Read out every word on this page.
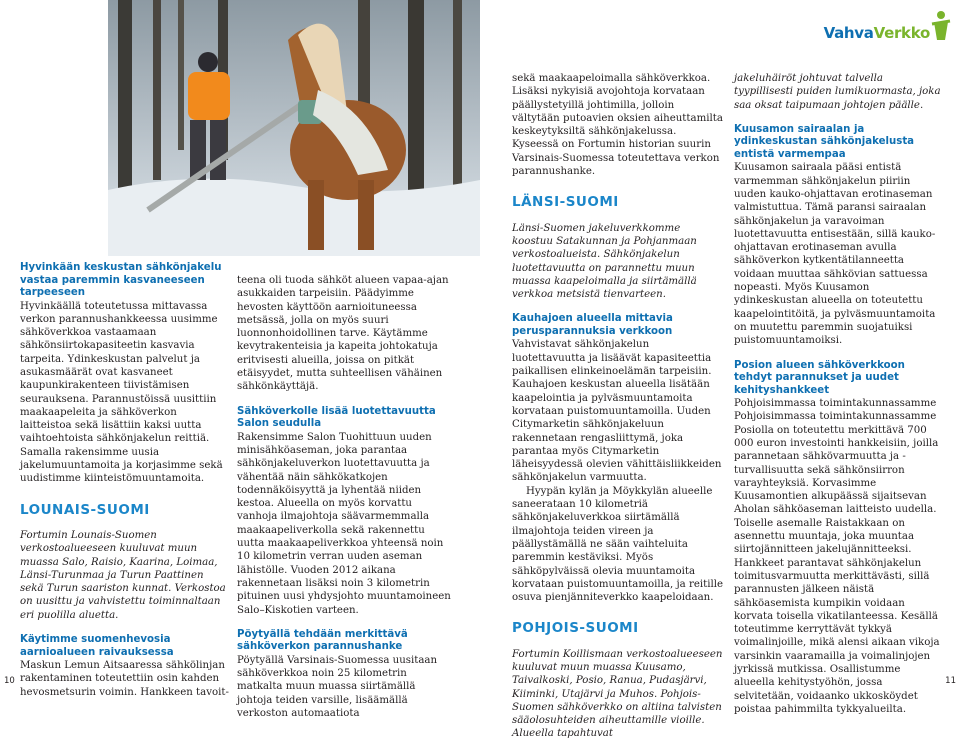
Hyvinkään keskustan sähkönjakelu vastaa paremmin kasvaneeseen tarpeeseen

Hyvinkäällä toteutetussa mittavassa verkon parannushankkeessa uusimme sähköverkkoa vastaamaan sähkönsiirtokapasiteetin kasvavia tarpeita. Ydinkeskustan palvelut ja asukasmäärät ovat kasvaneet kaupunkirakenteen tiivistämisen seurauksena. Parannustöissä uusittiin maakaapeleita ja sähköverkon laitteistoa sekä lisättiin kaksi uutta vaihtoehtoista sähkönjakelun reittiä. Samalla rakensimme uusia jakelumuuntamoita ja korjasimme sekä uudistimme kiinteistömuuntamoita.

LOUNAIS-SUOMI

Fortumin Lounais-Suomen verkostoalueeseen kuuluvat muun muassa Salo, Raisio, Kaarina, Loimaa, Länsi-Turunmaa ja Turun Paattinen sekä Turun saariston kunnat. Verkostoa on uusittu ja vahvistettu toiminnaltaan eri puolilla aluetta.

Käytimme suomenhevosia aarnioalueen raivauksessa

Maskun Lemun Aitsaaressa sähkölinjan rakentaminen toteutettiin osin kahden hevosmetsurin voimin. Hankkeen tavoit-

teena oli tuoda sähköt alueen vapaa-ajan asukkaiden tarpeisiin. Päädyimme hevosten käyttöön aarnioituneessa metsässä, jolla on myös suuri luonnonhoidollinen tarve. Käytämme kevytrakenteisia ja kapeita johtokatuja eritvisesti alueilla, joissa on pitkät etäisyydet, mutta suhteellisen vähäinen sähkönkäyttäjä.

Sähköverkolle lisää luotettavuutta Salon seudulla

Rakensimme Salon Tuohittuun uuden minisähköaseman, joka parantaa sähkönjakeluverkon luotettavuutta ja vähentää näin sähkökatkojen todennäköisyyttä ja lyhentää niiden kestoa. Alueella on myös korvattu vanhoja ilmajohtoja säävarmemmalla maakaapeliverkolla sekä rakennettu uutta maakaapeliverkkoa yhteensä noin 10 kilometrin verran uuden aseman lähistölle. Vuoden 2012 aikana rakennetaan lisäksi noin 3 kilometrin pituinen uusi yhdysjohto muuntamoineen Salo–Kiskotien varteen.

Pöytyällä tehdään merkittävä sähköverkon parannushanke

Pöytyällä Varsinais-Suomessa uusitaan sähköverkkoa noin 25 kilometrin matkalta muun muassa siirtämällä johtoja teiden varsille, lisäämällä verkoston automaatiota

10
VahvaVerkko

sekä maakaapeloimalla sähköverkkoa. Lisäksi nykyisiä avojohtoja korvataan päällystetyillä johtimilla, jolloin vältytään putoavien oksien aiheuttamilta keskeytyksiltä sähkönjakelussa. Kyseessä on Fortumin historian suurin Varsinais-Suomessa toteutettava verkon parannushanke.

LÄNSI-SUOMI

Länsi-Suomen jakeluverkkomme koostuu Satakunnan ja Pohjanmaan verkostoalueista. Sähkönjakelun luotettavuutta on parannettu muun muassa kaapeloimalla ja siirtämällä verkkoa metsistä tienvarteen.

Kauhajoen alueella mittavia perusparannuksia verkkoon

Vahvistavat sähkönjakelun luotettavuutta ja lisäävät kapasiteettia paikallisen elinkeinoelämän tarpeisiin. Kauhajoen keskustan alueella lisätään kaapelointia ja pylväsmuuntamoita korvataan puistomuuntamoilla. Uuden Citymarketin sähkönjakeluun rakennetaan rengasliittymä, joka parantaa myös Citymarketin läheisyydessä olevien vähittäisliikkeiden sähkönjakelun varmuutta.

Hyypän kylän ja Möykkylän alueelle saneerataan 10 kilometriä sähkönjakeluverkkoa siirtämällä ilmajohtoja teiden vireen ja päällystämällä ne sään vaihteluita paremmin kestäviksi. Myös sähköpylväissä olevia muuntamoita korvataan puistomuuntamoilla, ja reitille osuva pienjänniteverkko kaapeloidaan.

POHJOIS-SUOMI

Fortumin Koillismaan verkostoalueeseen kuuluvat muun muassa Kuusamo, Taivalkoski, Posio, Ranua, Pudasjärvi, Kiiminki, Utajärvi ja Muhos. Pohjois-Suomen sähköverkko on altiina talvisten sääolosuhteiden aiheuttamille vioille. Alueella tapahtuvat

jakeluhäiröt johtuvat talvella tyypillisesti puiden lumikuormasta, joka saa oksat taipumaan johtojen päälle.

Kuusamon sairaalan ja ydinkeskustan sähkönjakelusta entistä varmempaa

Kuusamon sairaala pääsi entistä varmemman sähkönjakelun piiriin uuden kauko-ohjattavan erotinaseman valmistuttua. Tämä paransi sairaalan sähkönjakelun ja varavoiman luotettavuutta entisestään, sillä kauko-ohjattavan erotinaseman avulla sähköverkon kytkentätilanneetta voidaan muuttaa sähkövian sattuessa nopeasti. Myös Kuusamon ydinkeskustan alueella on toteutettu kaapelointitöitä, ja pylväsmuuntamoita on muutettu paremmin suojatuiksi puistomuuntamoiksi.

Posion alueen sähköverkkoon tehdyt parannukset ja uudet kehityshankkeet

Pohjoisimmassa toimintakunnassamme Pohjoisimmassa toimintakunnassamme Posiolla on toteutettu merkittävä 700 000 euron investointi hankkeisiin, joilla parannetaan sähkövarmuutta ja -turvallisuutta sekä sähkönsiirron varayhteyksiä. Korvasimme Kuusamontien alkupäässä sijaitsevan Aholan sähköaseman laitteisto uudella. Toiselle asemalle Raistakkaan on asennettu muuntaja, joka muuntaa siirtojännitteen jakelujännitteeksi. Hankkeet parantavat sähkönjakelun toimitusvarmuutta merkittävästi, sillä parannusten jälkeen näistä sähköasemista kumpikin voidaan korvata toisella vikatilanteessa. Kesällä toteutimme kerryttävät tykkyä voimalinjoille, mikä alensi aikaan vikoja varsinkin vaaramailla ja voimalinjojen jyrkissä mutkissa. Osallistumme alueella kehitystyöhön, jossa selvitetään, voidaanko ukkosköydet poistaa pahimmilta tykkyalueilta.

11
